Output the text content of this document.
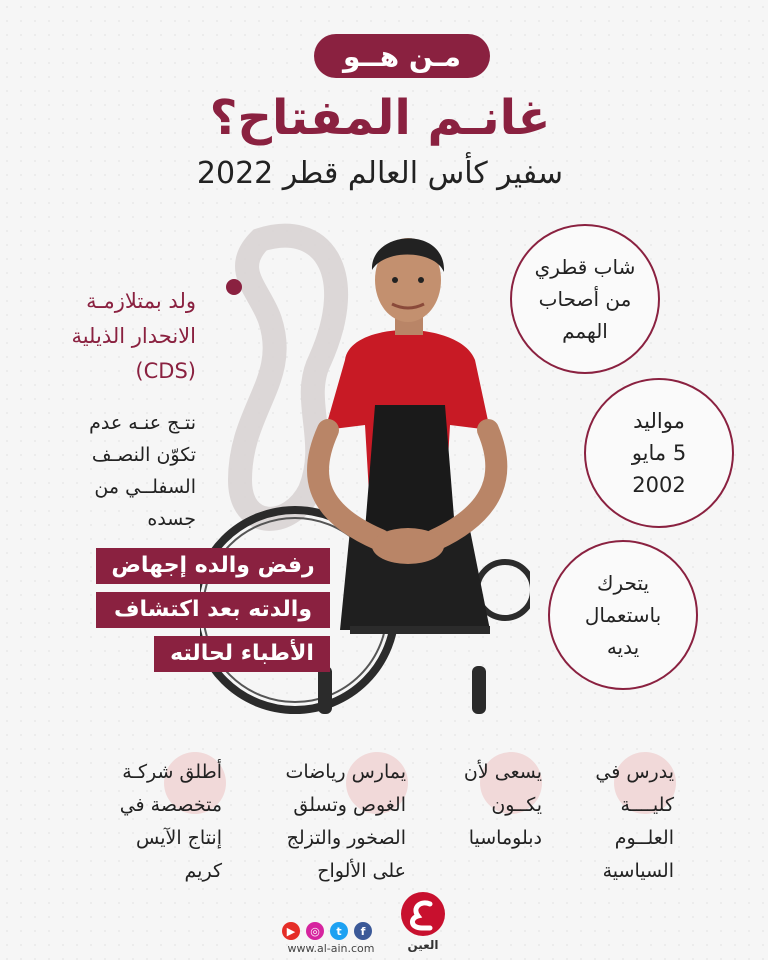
مـن هــو
غانـم المفتاح؟
سفير كأس العالم قطر 2022
شاب قطري
من أصحاب
الهمم
مواليد
5 مايو
2002
يتحرك
باستعمال
يديه
ولد بمتلازمـة
الانحدار الذيلية
(CDS)
نتـج عنـه عدم
تكوّن النصـف
السفلــي من
جسده
رفض والده إجهاض
والدته بعد اكتشاف
الأطباء لحالته
يدرس في
كليــــة
العلــوم
السياسية
يسعى لأن
يكــون
دبلوماسيا
يمارس رياضات
الغوص وتسلق
الصخور والتزلج
على الألواح
أطلق شركـة
متخصصة في
إنتاج الآيس
كريم
▶	◎	t	f
www.al-ain.com	العين
